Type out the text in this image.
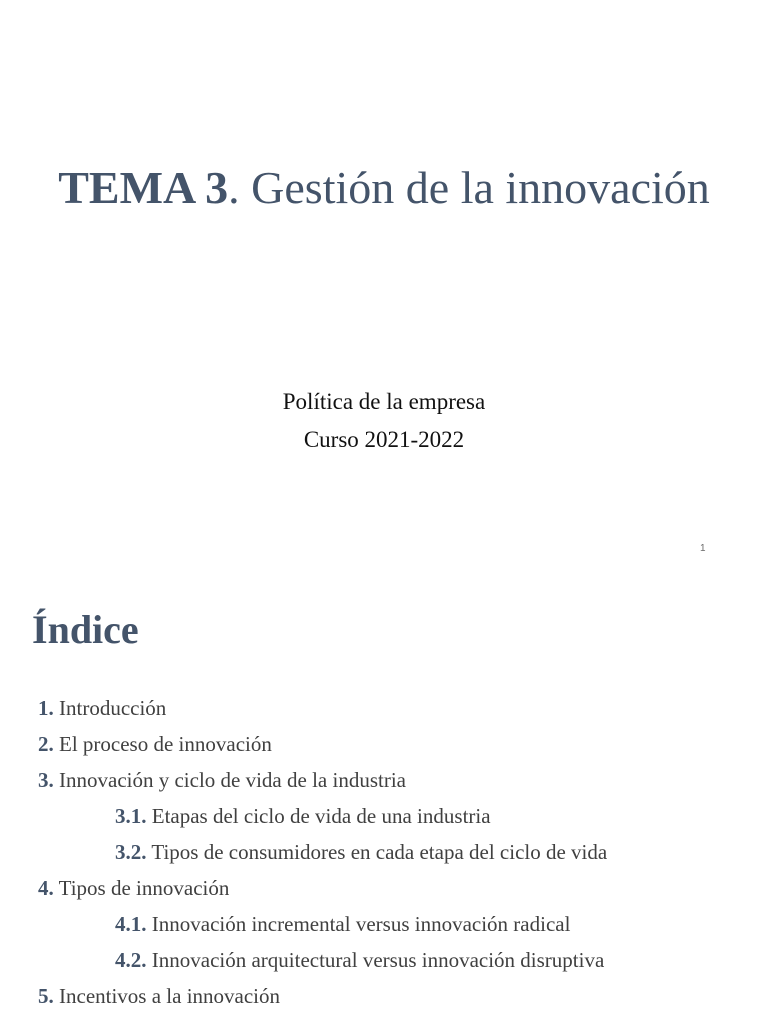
TEMA 3. Gestión de la innovación
Política de la empresa
Curso 2021-2022
1
Índice
1. Introducción
2. El proceso de innovación
3. Innovación y ciclo de vida de la industria
3.1. Etapas del ciclo de vida de una industria
3.2. Tipos de consumidores en cada etapa del ciclo de vida
4. Tipos de innovación
4.1. Innovación incremental versus innovación radical
4.2. Innovación arquitectural versus innovación disruptiva
5. Incentivos a la innovación
